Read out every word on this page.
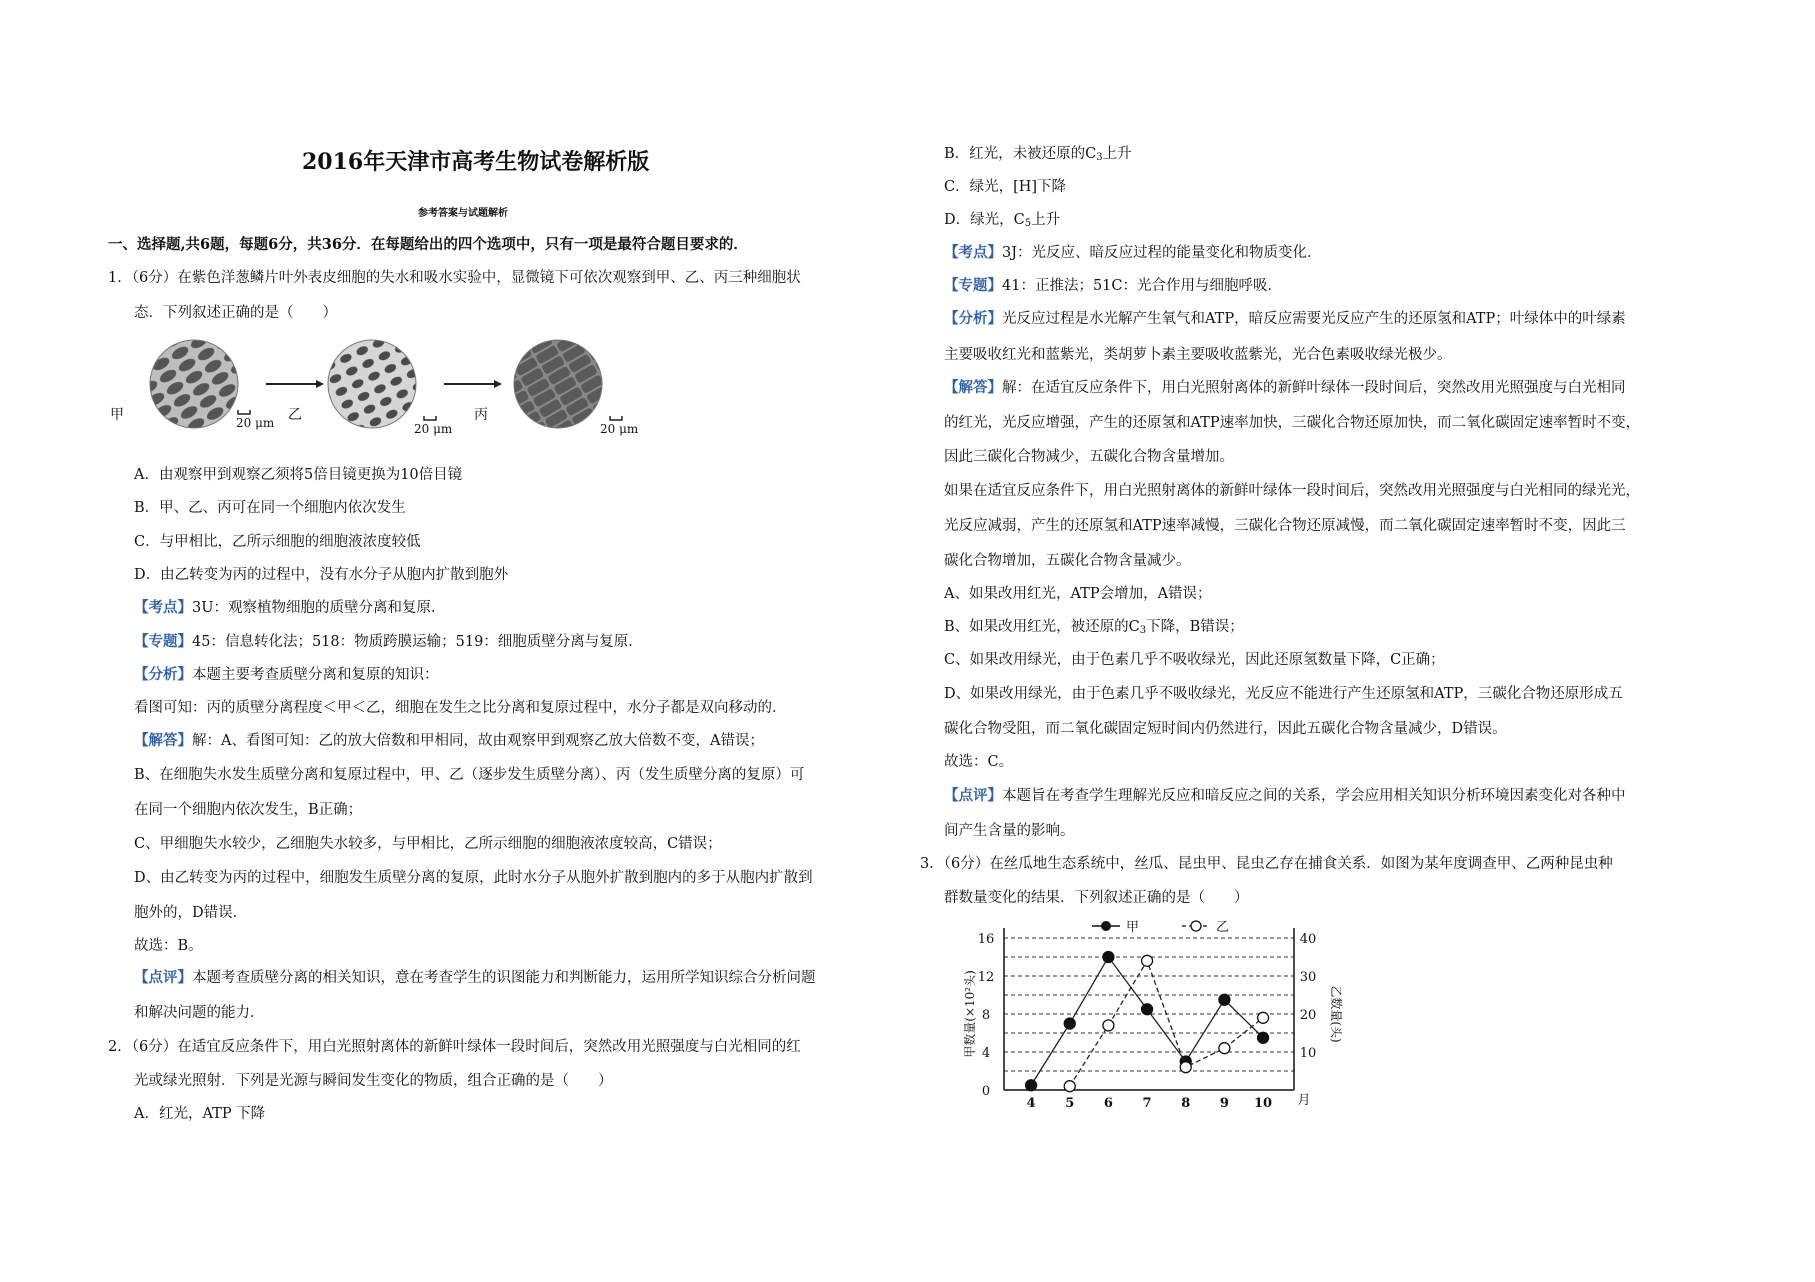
2016年天津市高考生物试卷解析版
参考答案与试题解析
一、选择题,共6题，每题6分，共36分．在每题给出的四个选项中，只有一项是最符合题目要求的．
1．（6分）在紫色洋葱鳞片叶外表皮细胞的失水和吸水实验中，显微镜下可依次观察到甲、乙、丙三种细胞状
态．下列叙述正确的是（　　）
甲	乙	丙
20 μm	20 μm	20 μm
A．由观察甲到观察乙须将5倍目镜更换为10倍目镜
B．甲、乙、丙可在同一个细胞内依次发生
C．与甲相比，乙所示细胞的细胞液浓度较低
D．由乙转变为丙的过程中，没有水分子从胞内扩散到胞外
【考点】3U：观察植物细胞的质壁分离和复原．
【专题】45：信息转化法；518：物质跨膜运输；519：细胞质壁分离与复原．
【分析】本题主要考查质壁分离和复原的知识：
看图可知：丙的质壁分离程度＜甲＜乙，细胞在发生之比分离和复原过程中，水分子都是双向移动的．
【解答】解：A、看图可知：乙的放大倍数和甲相同，故由观察甲到观察乙放大倍数不变，A错误；
B、在细胞失水发生质壁分离和复原过程中，甲、乙（逐步发生质壁分离）、丙（发生质壁分离的复原）可
在同一个细胞内依次发生，B正确；
C、甲细胞失水较少，乙细胞失水较多，与甲相比，乙所示细胞的细胞液浓度较高，C错误；
D、由乙转变为丙的过程中，细胞发生质壁分离的复原，此时水分子从胞外扩散到胞内的多于从胞内扩散到
胞外的，D错误．
故选：B。
【点评】本题考查质壁分离的相关知识，意在考查学生的识图能力和判断能力，运用所学知识综合分析问题
和解决问题的能力．
2．（6分）在适宜反应条件下，用白光照射离体的新鲜叶绿体一段时间后，突然改用光照强度与白光相同的红
光或绿光照射．下列是光源与瞬间发生变化的物质，组合正确的是（　　）
A．红光，ATP 下降
B．红光，未被还原的$C_3$上升
C．绿光，[H]下降
D．绿光，$C_5$上升
【考点】3J：光反应、暗反应过程的能量变化和物质变化．
【专题】41：正推法；51C：光合作用与细胞呼吸．
【分析】光反应过程是水光解产生氧气和ATP，暗反应需要光反应产生的还原氢和ATP；叶绿体中的叶绿素
主要吸收红光和蓝紫光，类胡萝卜素主要吸收蓝紫光，光合色素吸收绿光极少。
【解答】解：在适宜反应条件下，用白光照射离体的新鲜叶绿体一段时间后，突然改用光照强度与白光相同
的红光，光反应增强，产生的还原氢和ATP速率加快，三碳化合物还原加快，而二氧化碳固定速率暂时不变，
因此三碳化合物减少，五碳化合物含量增加。
如果在适宜反应条件下，用白光照射离体的新鲜叶绿体一段时间后，突然改用光照强度与白光相同的绿光光，
光反应减弱，产生的还原氢和ATP速率减慢，三碳化合物还原减慢，而二氧化碳固定速率暂时不变，因此三
碳化合物增加，五碳化合物含量减少。
A、如果改用红光，ATP会增加，A错误；
B、如果改用红光，被还原的$C_3$下降，B错误；
C、如果改用绿光，由于色素几乎不吸收绿光，因此还原氢数量下降，C正确；
D、如果改用绿光，由于色素几乎不吸收绿光，光反应不能进行产生还原氢和ATP，三碳化合物还原形成五
碳化合物受阻，而二氧化碳固定短时间内仍然进行，因此五碳化合物含量减少，D错误。
故选：C。
【点评】本题旨在考查学生理解光反应和暗反应之间的关系，学会应用相关知识分析环境因素变化对各种中
间产生含量的影响。
3．（6分）在丝瓜地生态系统中，丝瓜、昆虫甲、昆虫乙存在捕食关系．如图为某年度调查甲、乙两种昆虫种
群数量变化的结果．下列叙述正确的是（　　）
0
4
8
12
16
10
20
30
40
4 5 6 7 8 9 10 月
甲数量(×10²头)	乙数量(头)
甲	乙
